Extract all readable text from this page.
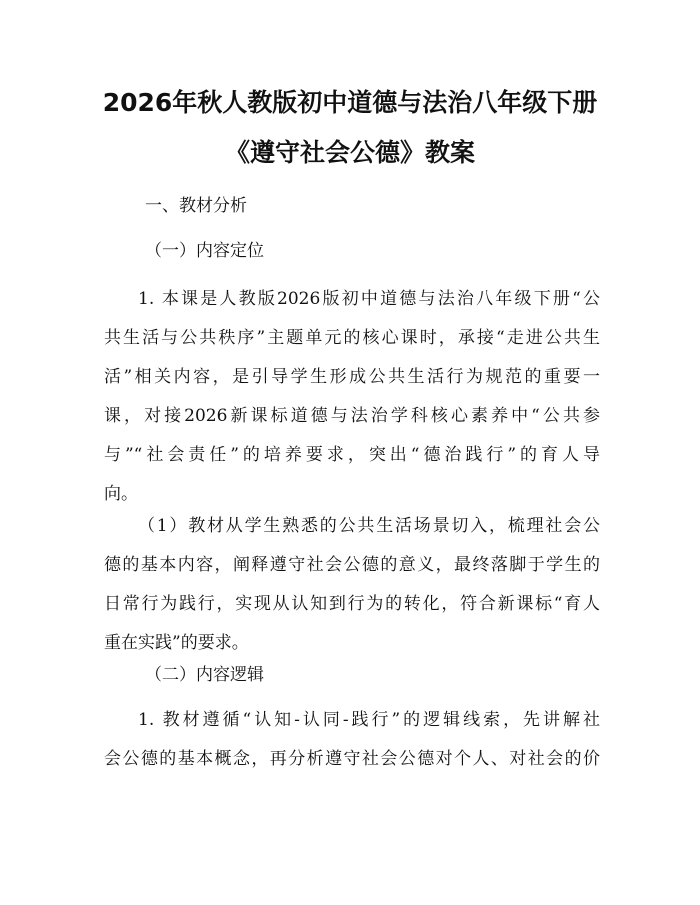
2026年秋人教版初中道德与法治八年级下册
《遵守社会公德》教案

一、教材分析

（一）内容定位

1. 本课是人教版2026版初中道德与法治八年级下册“公
共生活与公共秩序”主题单元的核心课时，承接“走进公共生
活”相关内容，是引导学生形成公共生活行为规范的重要一
课，对接2026新课标道德与法治学科核心素养中“公共参
与”“社会责任”的培养要求，突出“德治践行”的育人导
向。
（1）教材从学生熟悉的公共生活场景切入，梳理社会公
德的基本内容，阐释遵守社会公德的意义，最终落脚于学生的
日常行为践行，实现从认知到行为的转化，符合新课标“育人
重在实践”的要求。

（二）内容逻辑

1. 教材遵循“认知-认同-践行”的逻辑线索，先讲解社
会公德的基本概念，再分析遵守社会公德对个人、对社会的价
